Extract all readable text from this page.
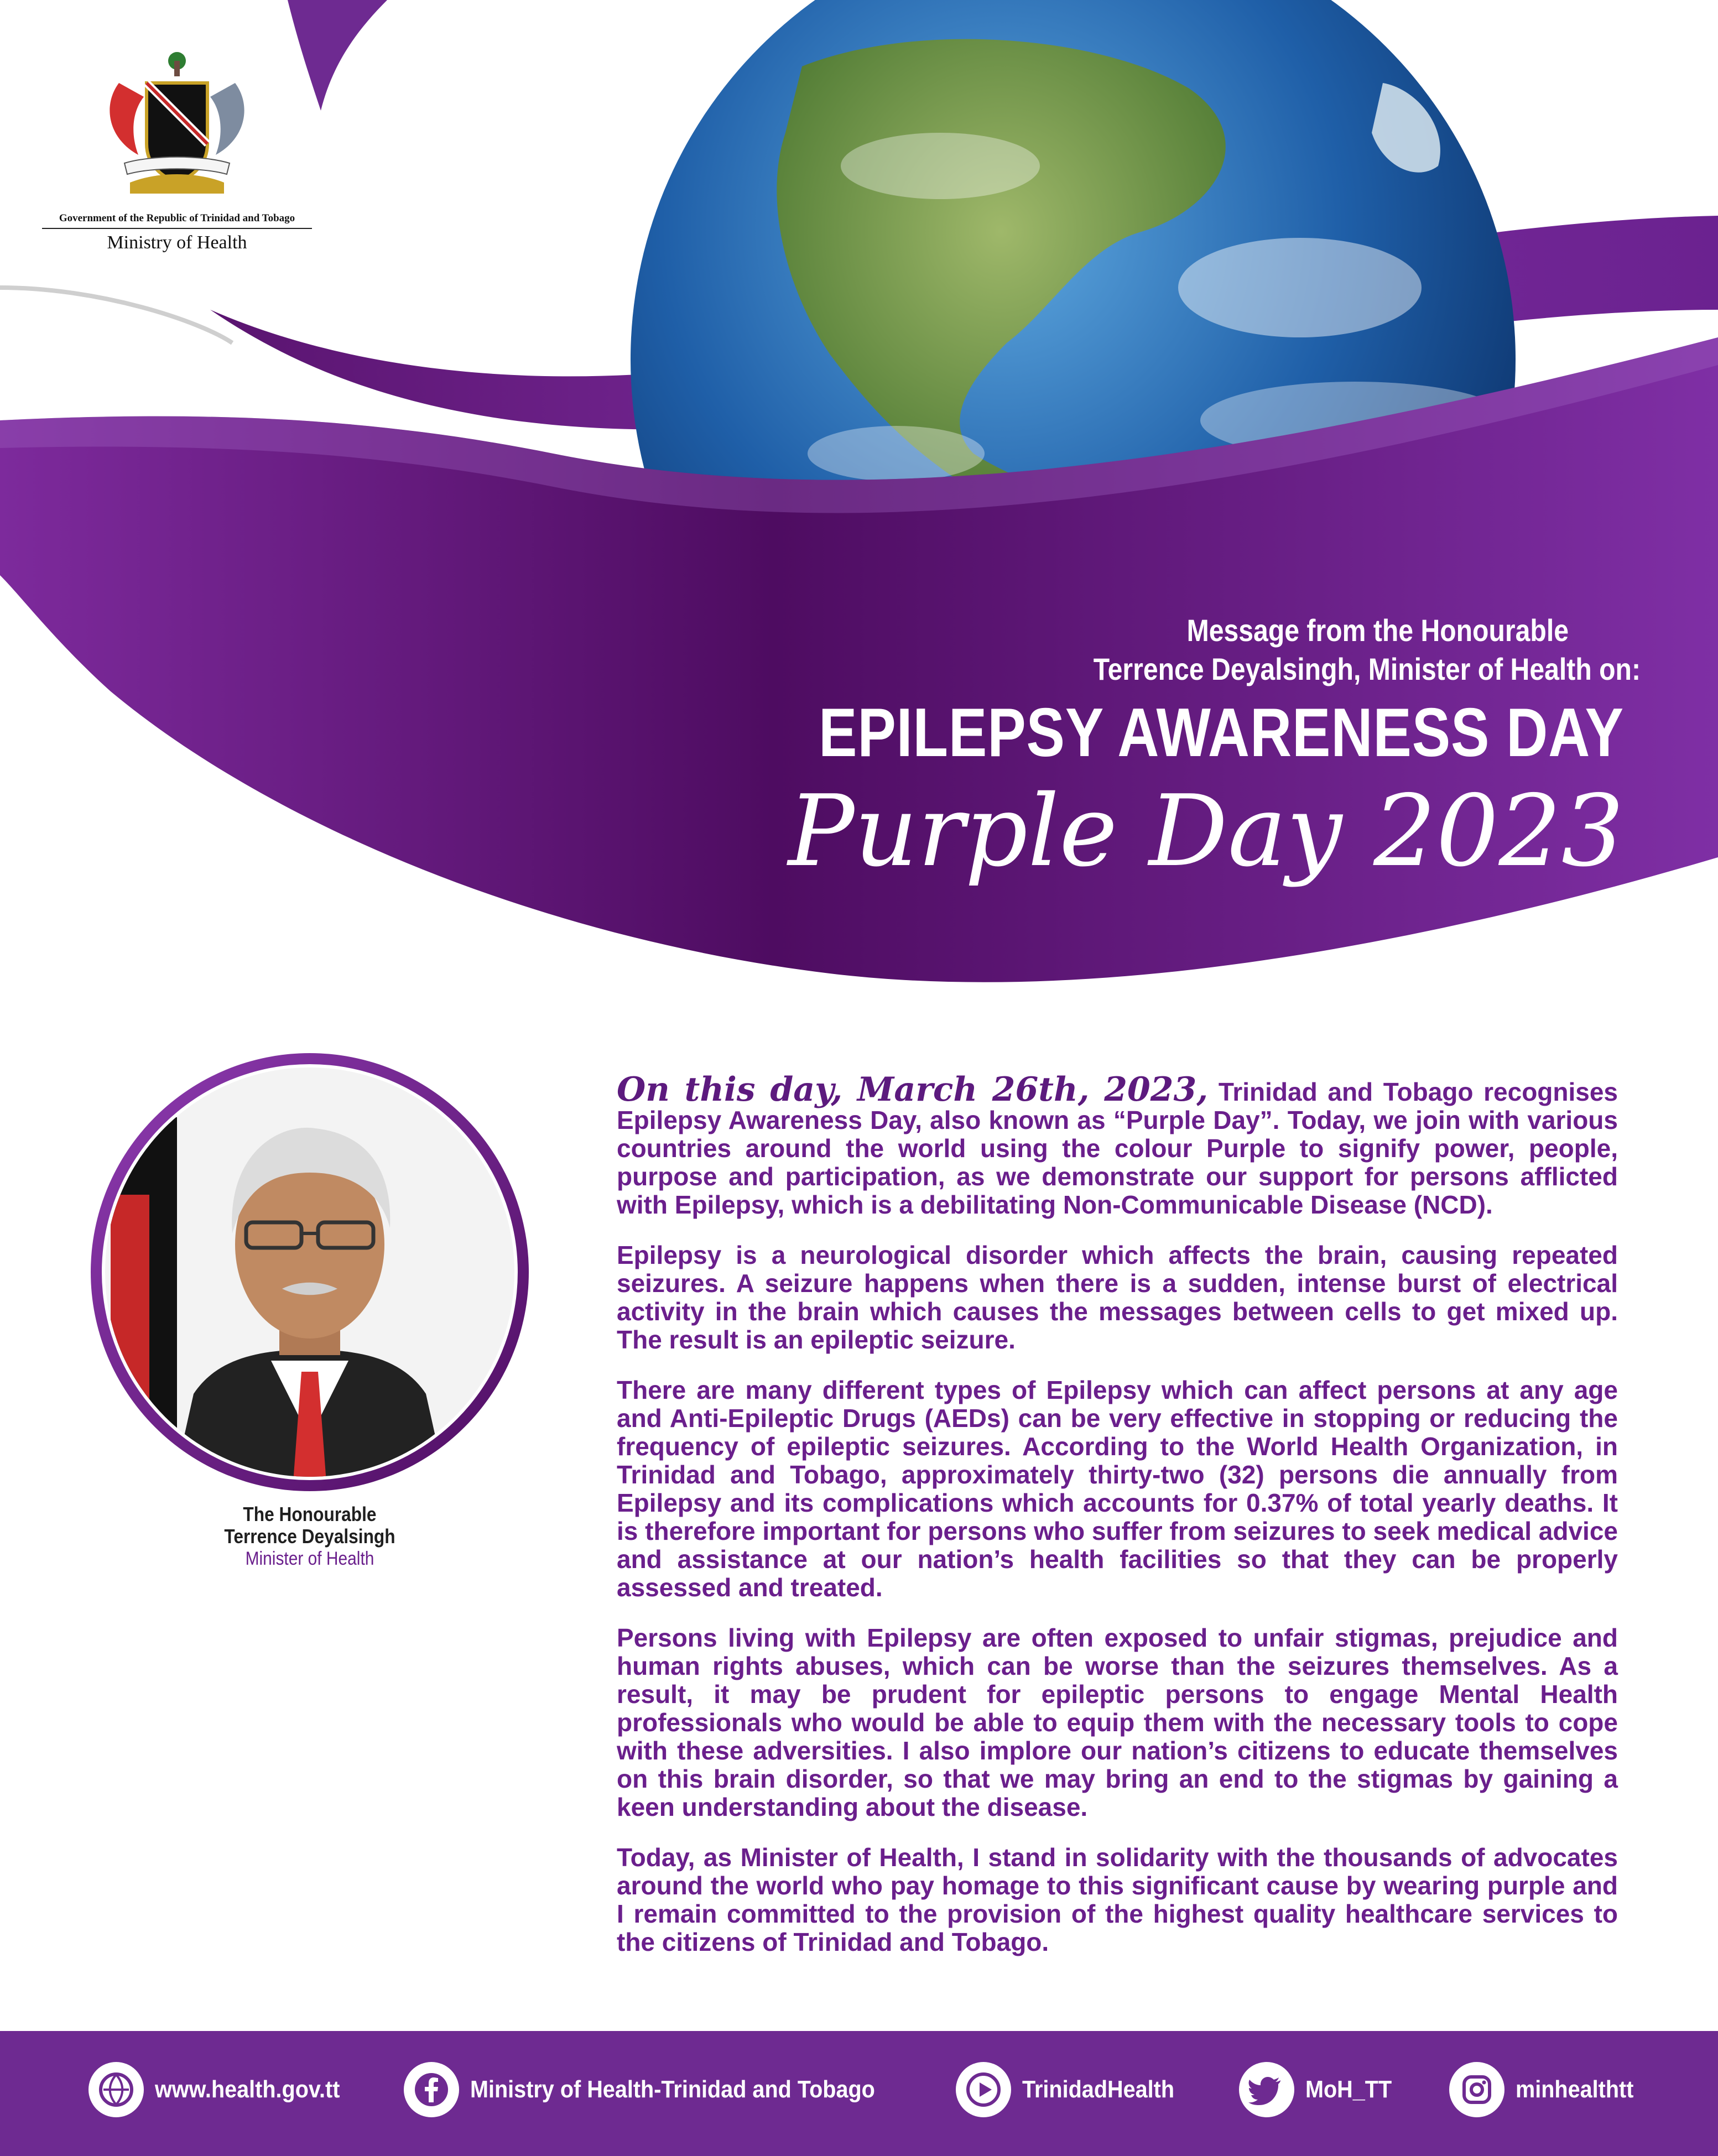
Government of the Republic of Trinidad and Tobago
Ministry of Health
Message from the Honourable
Terrence Deyalsingh, Minister of Health on:
EPILEPSY AWARENESS DAY
Purple Day 2023
The Honourable
Terrence Deyalsingh
Minister of Health

On this day, March 26th, 2023, Trinidad and Tobago recognises Epilepsy Awareness Day, also known as “Purple Day”. Today, we join with various countries around the world using the colour Purple to signify power, people, purpose and participation, as we demonstrate our support for persons afflicted with Epilepsy, which is a debilitating Non-Communicable Disease (NCD).

Epilepsy is a neurological disorder which affects the brain, causing repeated seizures. A seizure happens when there is a sudden, intense burst of electrical activity in the brain which causes the messages between cells to get mixed up. The result is an epileptic seizure.

There are many different types of Epilepsy which can affect persons at any age and Anti-Epileptic Drugs (AEDs) can be very effective in stopping or reducing the frequency of epileptic seizures. According to the World Health Organization, in Trinidad and Tobago, approximately thirty-two (32) persons die annually from Epilepsy and its complications which accounts for 0.37% of total yearly deaths. It is therefore important for persons who suffer from seizures to seek medical advice and assistance at our nation’s health facilities so that they can be properly assessed and treated.

Persons living with Epilepsy are often exposed to unfair stigmas, prejudice and human rights abuses, which can be worse than the seizures themselves. As a result, it may be prudent for epileptic persons to engage Mental Health professionals who would be able to equip them with the necessary tools to cope with these adversities. I also implore our nation’s citizens to educate themselves on this brain disorder, so that we may bring an end to the stigmas by gaining a keen understanding about the disease.

Today, as Minister of Health, I stand in solidarity with the thousands of advocates around the world who pay homage to this significant cause by wearing purple and I remain committed to the provision of the highest quality healthcare services to the citizens of Trinidad and Tobago.

www.health.gov.tt	Ministry of Health-Trinidad and Tobago	TrinidadHealth	MoH_TT	minhealthtt
